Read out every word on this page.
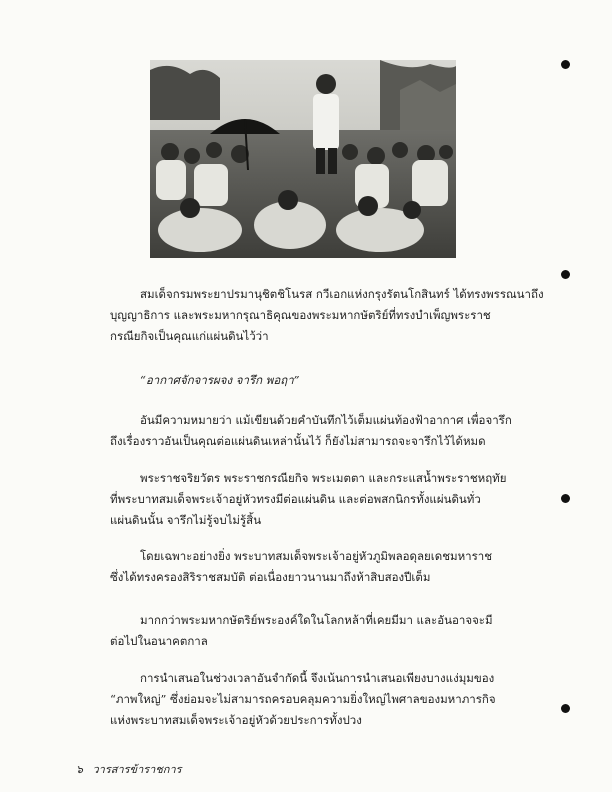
สมเด็จกรมพระยาปรมานุชิตชิโนรส กวีเอกแห่งกรุงรัตนโกสินทร์ ได้ทรงพรรณนาถึง
บุญญาธิการ และพระมหากรุณาธิคุณของพระมหากษัตริย์ที่ทรงบำเพ็ญพระราช
กรณียกิจเป็นคุณแก่แผ่นดินไว้ว่า
“อากาศจักจารผจง จารึก พอฤา”
อันมีความหมายว่า แม้เขียนด้วยคำบันทึกไว้เต็มแผ่นท้องฟ้าอากาศ เพื่อจารึก
ถึงเรื่องราวอันเป็นคุณต่อแผ่นดินเหล่านั้นไว้ ก็ยังไม่สามารถจะจารึกไว้ได้หมด
พระราชจริยวัตร พระราชกรณียกิจ พระเมตตา และกระแสน้ำพระราชหฤทัย
ที่พระบาทสมเด็จพระเจ้าอยู่หัวทรงมีต่อแผ่นดิน และต่อพสกนิกรทั้งแผ่นดินทั่ว
แผ่นดินนั้น จารึกไม่รู้จบไม่รู้สิ้น
โดยเฉพาะอย่างยิ่ง พระบาทสมเด็จพระเจ้าอยู่หัวภูมิพลอดุลยเดชมหาราช
ซึ่งได้ทรงครองสิริราชสมบัติ ต่อเนื่องยาวนานมาถึงห้าสิบสองปีเต็ม
มากกว่าพระมหากษัตริย์พระองค์ใดในโลกหล้าที่เคยมีมา และอันอาจจะมี
ต่อไปในอนาคตกาล
การนำเสนอในช่วงเวลาอันจำกัดนี้ จึงเน้นการนำเสนอเพียงบางแง่มุมของ
“ภาพใหญ่” ซึ่งย่อมจะไม่สามารถครอบคลุมความยิ่งใหญ่ไพศาลของมหาภารกิจ
แห่งพระบาทสมเด็จพระเจ้าอยู่หัวด้วยประการทั้งปวง
๖ วารสารข้าราชการ
